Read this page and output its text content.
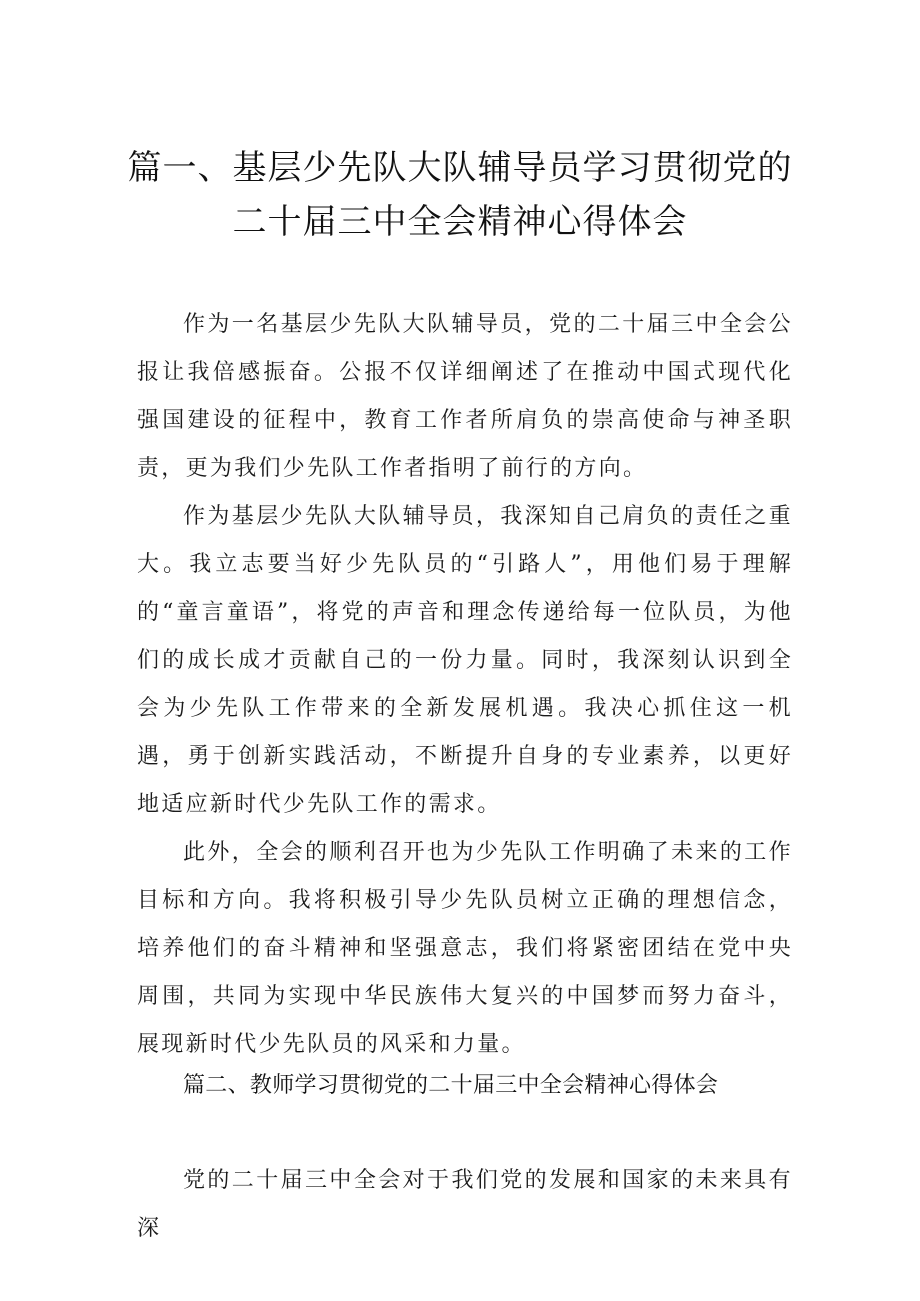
篇一、基层少先队大队辅导员学习贯彻党的
二十届三中全会精神心得体会

作为一名基层少先队大队辅导员，党的二十届三中全会公报让我倍感振奋。公报不仅详细阐述了在推动中国式现代化强国建设的征程中，教育工作者所肩负的崇高使命与神圣职责，更为我们少先队工作者指明了前行的方向。

作为基层少先队大队辅导员，我深知自己肩负的责任之重大。我立志要当好少先队员的“引路人”，用他们易于理解的“童言童语”，将党的声音和理念传递给每一位队员，为他们的成长成才贡献自己的一份力量。同时，我深刻认识到全会为少先队工作带来的全新发展机遇。我决心抓住这一机遇，勇于创新实践活动，不断提升自身的专业素养，以更好地适应新时代少先队工作的需求。

此外，全会的顺利召开也为少先队工作明确了未来的工作目标和方向。我将积极引导少先队员树立正确的理想信念，培养他们的奋斗精神和坚强意志，我们将紧密团结在党中央周围，共同为实现中华民族伟大复兴的中国梦而努力奋斗，展现新时代少先队员的风采和力量。

篇二、教师学习贯彻党的二十届三中全会精神心得体会

党的二十届三中全会对于我们党的发展和国家的未来具有深
